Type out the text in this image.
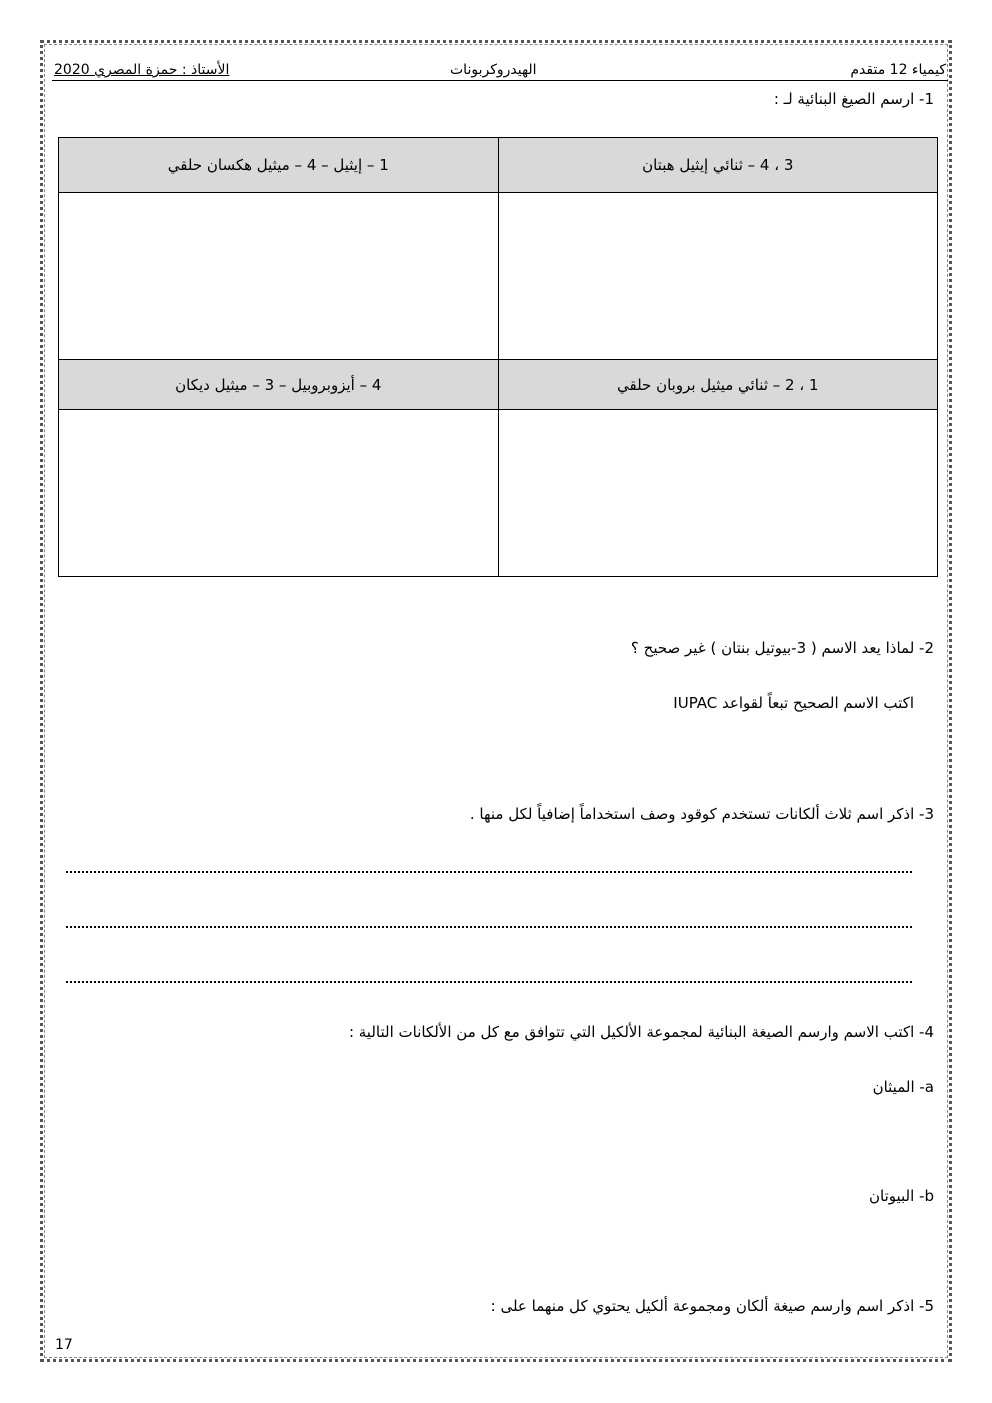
كيمياء 12 متقدم
الهيدروكربونات
الأستاذ : حمزة المصري 2020
1- ارسم الصيغ البنائية لـ :
3 ، 4 – ثنائي إيثيل هبتان	1 – إيثيل – 4 – ميثيل هكسان حلقي

1 ، 2 – ثنائي ميثيل بروبان حلقي	4 – أيزوبروبيل – 3 – ميثيل ديكان

2- لماذا يعد الاسم ( 3-بيوتيل بنتان ) غير صحيح ؟
اكتب الاسم الصحيح تبعاً لقواعد IUPAC
3- اذكر اسم ثلاث ألكانات تستخدم كوقود وصف استخداماً إضافياً لكل منها .
4- اكتب الاسم وارسم الصيغة البنائية لمجموعة الألكيل التي تتوافق مع كل من الألكانات التالية :
a- الميثان
b- البيوتان
5- اذكر اسم وارسم صيغة ألكان ومجموعة ألكيل يحتوي كل منهما على :
17
